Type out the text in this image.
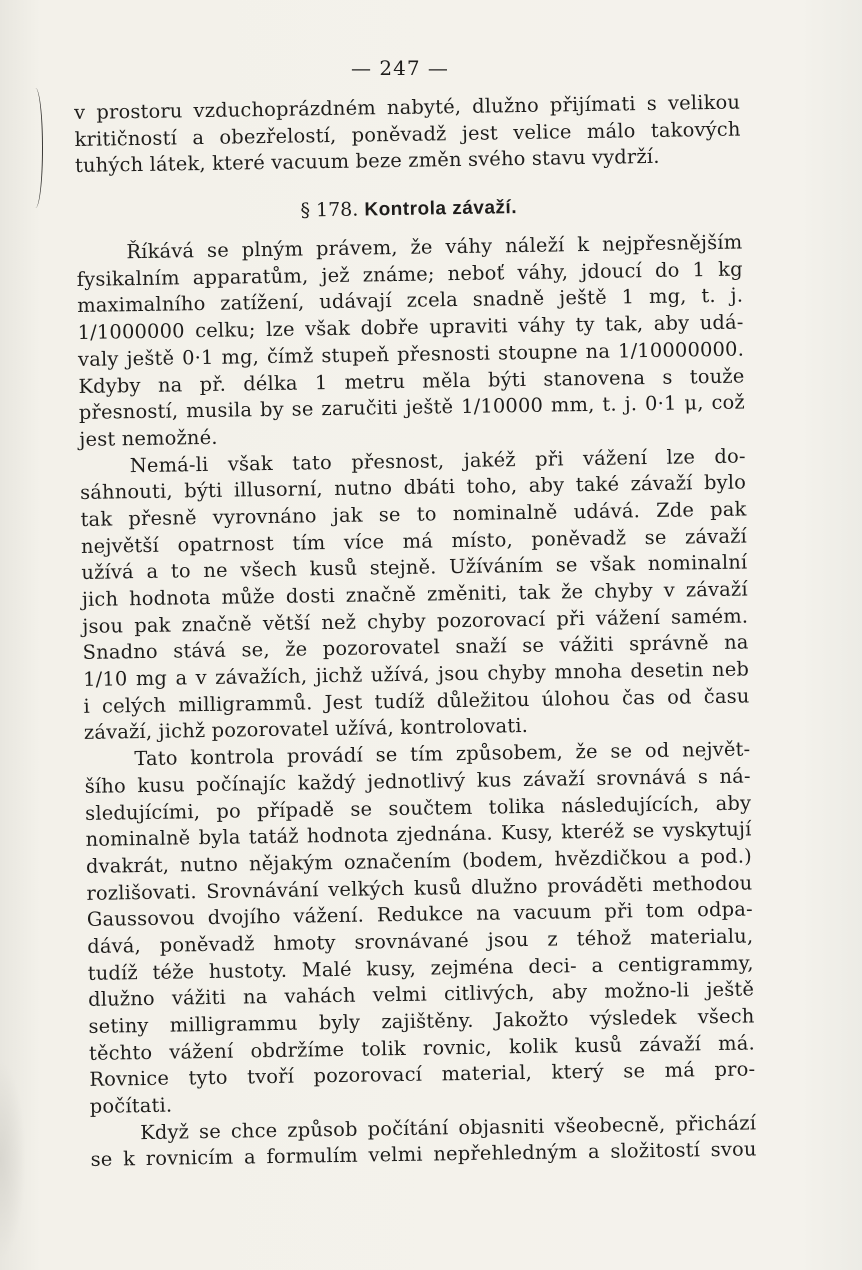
— 247 —
v prostoru vzduchoprázdném nabyté, dlužno přijímati s velikou
kritičností a obezřelostí, poněvadž jest velice málo takových
tuhých látek, které vacuum beze změn svého stavu vydrží.
§ 178. Kontrola závaží.
Říkává se plným právem, že váhy náleží k nejpřesnějším
fysikalním apparatům, jež známe; neboť váhy, jdoucí do 1 kg
maximalního zatížení, udávají zcela snadně ještě 1 mg, t. j.
1/1000000 celku; lze však dobře upraviti váhy ty tak, aby udá-
valy ještě 0·1 mg, čímž stupeň přesnosti stoupne na 1/10000000.
Kdyby na př. délka 1 metru měla býti stanovena s touže
přesností, musila by se zaručiti ještě 1/10000 mm, t. j. 0·1 μ, což
jest nemožné.
Nemá-li však tato přesnost, jakéž při vážení lze do-
sáhnouti, býti illusorní, nutno dbáti toho, aby také závaží bylo
tak přesně vyrovnáno jak se to nominalně udává. Zde pak
největší opatrnost tím více má místo, poněvadž se závaží
užívá a to ne všech kusů stejně. Užíváním se však nominalní
jich hodnota může dosti značně změniti, tak že chyby v závaží
jsou pak značně větší než chyby pozorovací při vážení samém.
Snadno stává se, že pozorovatel snaží se vážiti správně na
1/10 mg a v závažích, jichž užívá, jsou chyby mnoha desetin neb
i celých milligrammů. Jest tudíž důležitou úlohou čas od času
závaží, jichž pozorovatel užívá, kontrolovati.
Tato kontrola provádí se tím způsobem, že se od největ-
šího kusu počínajíc každý jednotlivý kus závaží srovnává s ná-
sledujícími, po případě se součtem tolika následujících, aby
nominalně byla tatáž hodnota zjednána. Kusy, kteréž se vyskytují
dvakrát, nutno nějakým označením (bodem, hvězdičkou a pod.)
rozlišovati. Srovnávání velkých kusů dlužno prováděti methodou
Gaussovou dvojího vážení. Redukce na vacuum při tom odpa-
dává, poněvadž hmoty srovnávané jsou z téhož materialu,
tudíž téže hustoty. Malé kusy, zejména deci- a centigrammy,
dlužno vážiti na vahách velmi citlivých, aby možno-li ještě
setiny milligrammu byly zajištěny. Jakožto výsledek všech
těchto vážení obdržíme tolik rovnic, kolik kusů závaží má.
Rovnice tyto tvoří pozorovací material, který se má pro-
počítati.
Když se chce způsob počítání objasniti všeobecně, přichází
se k rovnicím a formulím velmi nepřehledným a složitostí svou
